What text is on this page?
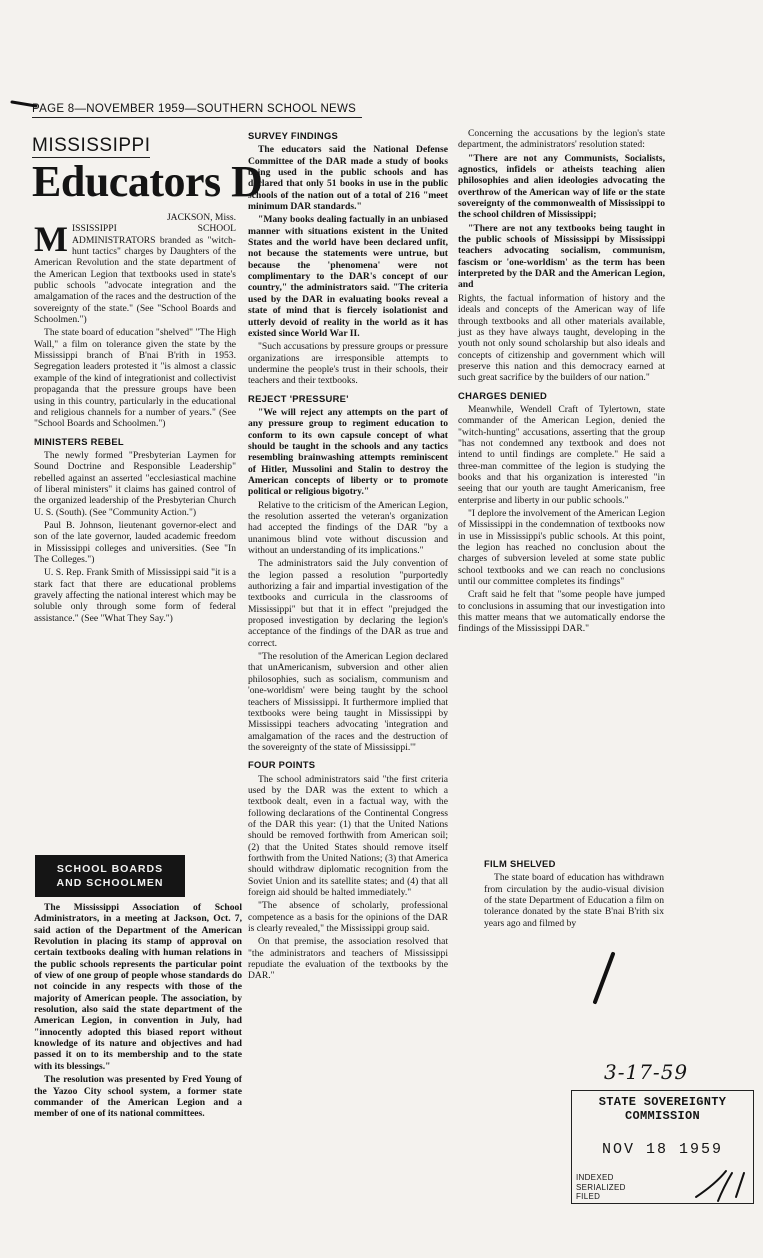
PAGE 8—NOVEMBER 1959—SOUTHERN SCHOOL NEWS
MISSISSIPPI
Educators D
JACKSON, Miss.

MISSISSIPPI SCHOOL ADMINISTRATORS branded as "witch-hunt tactics" charges by Daughters of the American Revolution and the state department of the American Legion that textbooks used in state's public schools "advocate integration and the amalgamation of the races and the destruction of the sovereignty of the state." (See "School Boards and Schoolmen.")

The state board of education "shelved" "The High Wall," a film on tolerance given the state by the Mississippi branch of B'nai B'rith in 1953. Segregation leaders protested it "is almost a classic example of the kind of integrationist and collectivist propaganda that the pressure groups have been using in this country, particularly in the educational and religious channels for a number of years." (See "School Boards and Schoolmen.")

MINISTERS REBEL

The newly formed "Presbyterian Laymen for Sound Doctrine and Responsible Leadership" rebelled against an asserted "ecclesiastical machine of liberal ministers" it claims has gained control of the organized leadership of the Presbyterian Church U. S. (South). (See "Community Action.")

Paul B. Johnson, lieutenant governor-elect and son of the late governor, lauded academic freedom in Mississippi colleges and universities. (See "In The Colleges.")

U. S. Rep. Frank Smith of Mississippi said "it is a stark fact that there are educational problems gravely affecting the national interest which may be soluble only through some form of federal assistance." (See "What They Say.")

SCHOOL BOARDS
AND SCHOOLMEN

The Mississippi Association of School Administrators, in a meeting at Jackson, Oct. 7, said action of the Department of the American Revolution in placing its stamp of approval on certain textbooks dealing with human relations in the public schools represents the particular point of view of one group of people whose standards do not coincide in any respects with those of the majority of American people. The association, by resolution, also said the state department of the American Legion, in convention in July, had "innocently adopted this biased report without knowledge of its nature and objectives and had passed it on to its membership and to the state with its blessings."

The resolution was presented by Fred Young of the Yazoo City school system, a former state commander of the American Legion and a member of one of its national committees.

SURVEY FINDINGS

The educators said the National Defense Committee of the DAR made a study of books being used in the public schools and has declared that only 51 books in use in the public schools of the nation out of a total of 216 "meet minimum DAR standards."

"Many books dealing factually in an unbiased manner with situations existent in the United States and the world have been declared unfit, not because the statements were untrue, but because the 'phenomena' were not complimentary to the DAR's concept of our country," the administrators said. "The criteria used by the DAR in evaluating books reveal a state of mind that is fiercely isolationist and utterly devoid of reality in the world as it has existed since World War II.

"Such accusations by pressure groups or pressure organizations are irresponsible attempts to undermine the people's trust in their schools, their teachers and their textbooks.

REJECT 'PRESSURE'

"We will reject any attempts on the part of any pressure group to regiment education to conform to its own capsule concept of what should be taught in the schools and any tactics resembling brainwashing attempts reminiscent of Hitler, Mussolini and Stalin to destroy the American concepts of liberty or to promote political or religious bigotry."

Relative to the criticism of the American Legion, the resolution asserted the veteran's organization had accepted the findings of the DAR "by a unanimous blind vote without discussion and without an understanding of its implications."

The administrators said the July convention of the legion passed a resolution "purportedly authorizing a fair and impartial investigation of the textbooks and curricula in the classrooms of Mississippi" but that it in effect "prejudged the proposed investigation by declaring the legion's acceptance of the findings of the DAR as true and correct.

"The resolution of the American Legion declared that unAmericanism, subversion and other alien philosophies, such as socialism, communism and 'one-worldism' were being taught by the school teachers of Mississippi. It furthermore implied that textbooks were being taught in Mississippi by Mississippi teachers advocating 'integration and amalgamation of the races and the destruction of the sovereignty of the state of Mississippi.'"

FOUR POINTS

The school administrators said "the first criteria used by the DAR was the extent to which a textbook dealt, even in a factual way, with the following declarations of the Continental Congress of the DAR this year: (1) that the United Nations should be removed forthwith from American soil; (2) that the United States should remove itself forthwith from the United Nations; (3) that America should withdraw diplomatic recognition from the Soviet Union and its satellite states; and (4) that all foreign aid should be halted immediately."

"The absence of scholarly, professional competence as a basis for the opinions of the DAR is clearly revealed," the Mississippi group said.

On that premise, the association resolved that "the administrators and teachers of Mississippi repudiate the evaluation of the textbooks by the DAR."

Concerning the accusations by the legion's state department, the administrators' resolution stated:

"There are not any Communists, Socialists, agnostics, infidels or atheists teaching alien philosophies and alien ideologies advocating the overthrow of the American way of life or the state sovereignty of the commonwealth of Mississippi to the school children of Mississippi;

"There are not any textbooks being taught in the public schools of Mississippi by Mississippi teachers advocating socialism, communism, fascism or 'one-worldism' as the term has been interpreted by the DAR and the American Legion, and

Rights, the factual information of history and the ideals and concepts of the American way of life through textbooks and all other materials available, just as they have always taught, developing in the youth not only sound scholarship but also ideals and concepts of citizenship and government which will preserve this nation and this democracy earned at such great sacrifice by the builders of our nation."

CHARGES DENIED

Meanwhile, Wendell Craft of Tylertown, state commander of the American Legion, denied the "witch-hunting" accusations, asserting that the group "has not condemned any textbook and does not intend to until findings are complete." He said a three-man committee of the legion is studying the books and that his organization is interested "in seeing that our youth are taught Americanism, free enterprise and liberty in our public schools."

"I deplore the involvement of the American Legion of Mississippi in the condemnation of textbooks now in use in Mississippi's public schools. At this point, the legion has reached no conclusion about the charges of subversion leveled at some state public school textbooks and we can reach no conclusions until our committee completes its findings"

Craft said he felt that "some people have jumped to conclusions in assuming that our investigation into this matter means that we automatically endorse the findings of the Mississippi DAR."

FILM SHELVED

The state board of education has withdrawn from circulation by the audio-visual division of the state Department of Education a film on tolerance donated by the state B'nai B'rith six years ago and filmed by

3-17-59
STATE SOVEREIGNTY COMMISSION
NOV 18 1959
INDEXED
SERIALIZED
FILED
